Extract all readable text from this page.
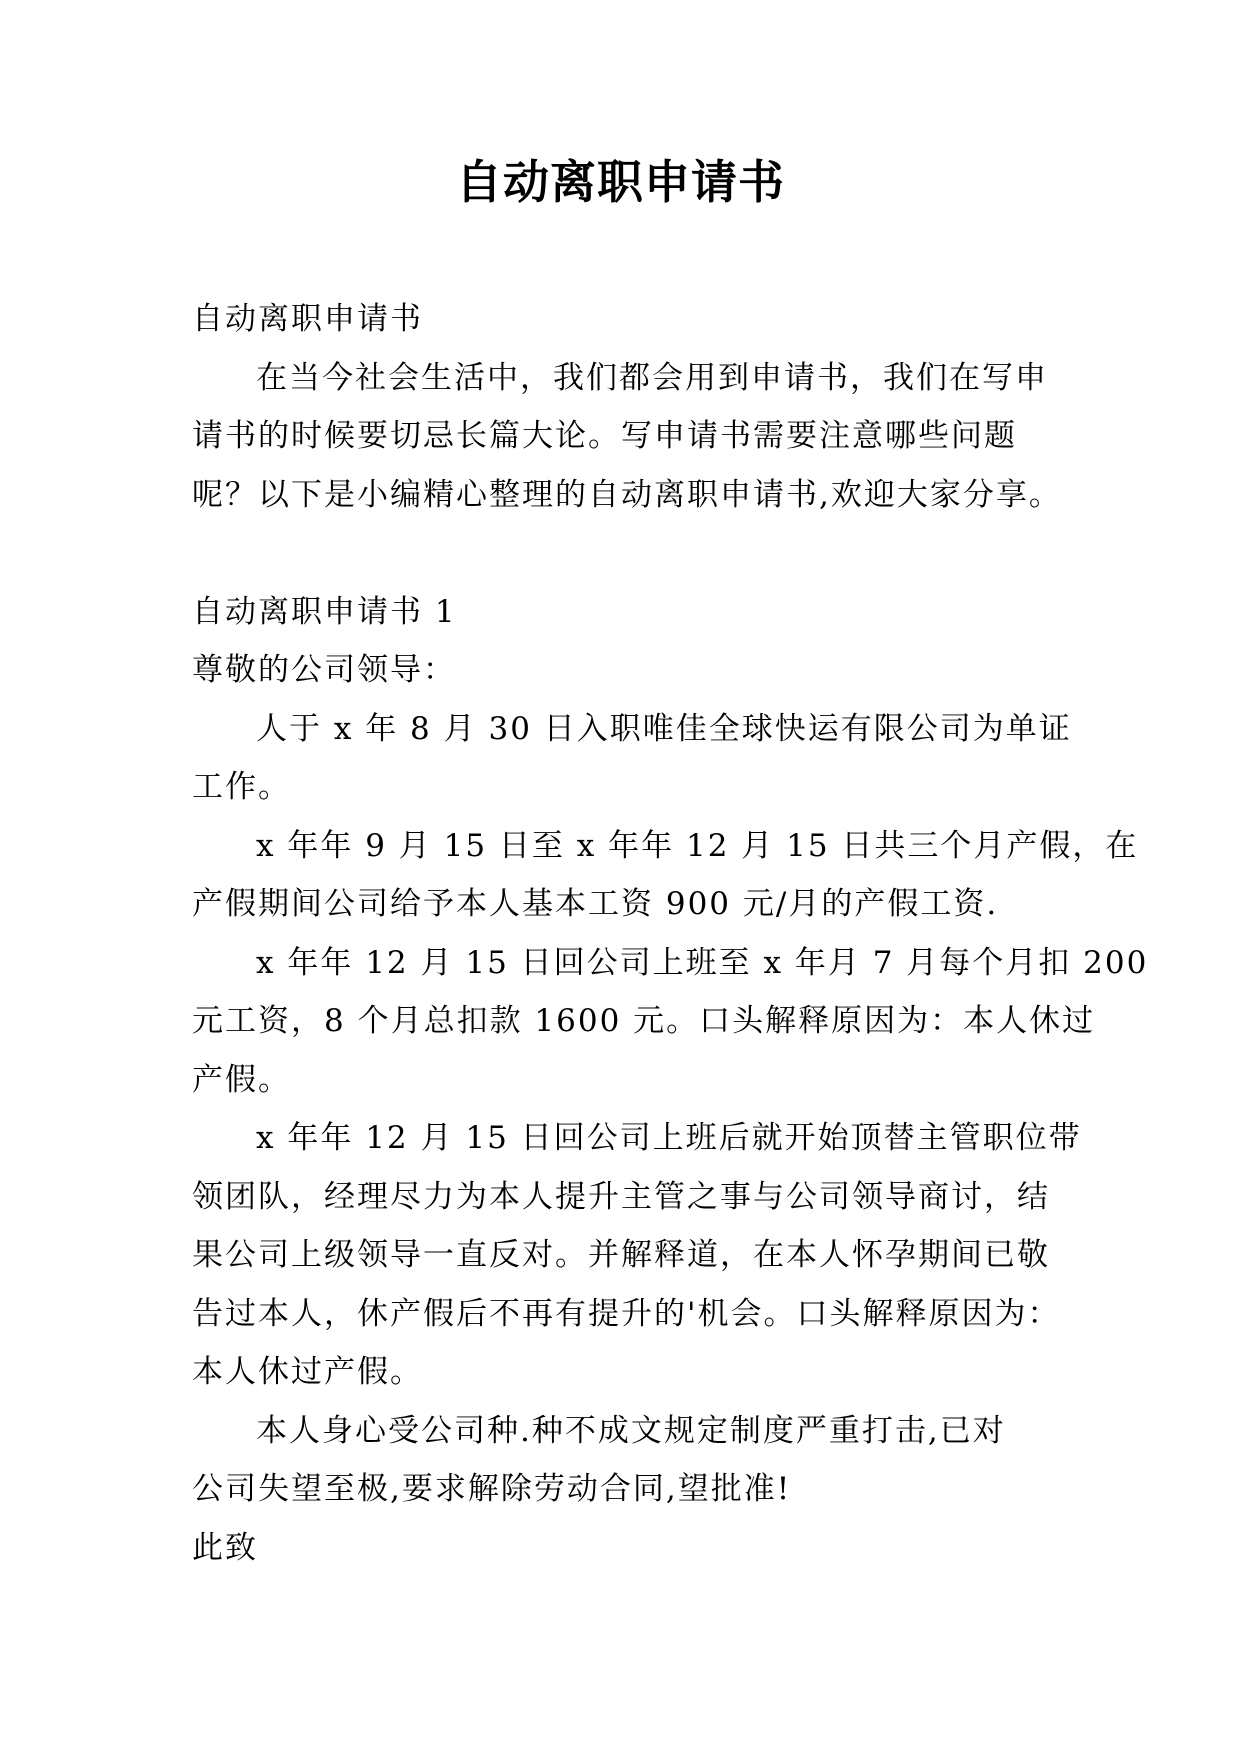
自动离职申请书

自动离职申请书

在当今社会生活中，我们都会用到申请书，我们在写申

请书的时候要切忌长篇大论。写申请书需要注意哪些问题

呢？以下是小编精心整理的自动离职申请书,欢迎大家分享。

自动离职申请书 1

尊敬的公司领导：

人于 x 年 8 月 30 日入职唯佳全球快运有限公司为单证

工作。

x 年年 9 月 15 日至 x 年年 12 月 15 日共三个月产假，在

产假期间公司给予本人基本工资 900 元/月的产假工资.

x 年年 12 月 15 日回公司上班至 x 年月 7 月每个月扣 200

元工资，8 个月总扣款 1600 元。口头解释原因为：本人休过

产假。

x 年年 12 月 15 日回公司上班后就开始顶替主管职位带

领团队，经理尽力为本人提升主管之事与公司领导商讨，结

果公司上级领导一直反对。并解释道，在本人怀孕期间已敬

告过本人，休产假后不再有提升的'机会。口头解释原因为：

本人休过产假。

本人身心受公司种.种不成文规定制度严重打击,已对

公司失望至极,要求解除劳动合同,望批准!

此致
